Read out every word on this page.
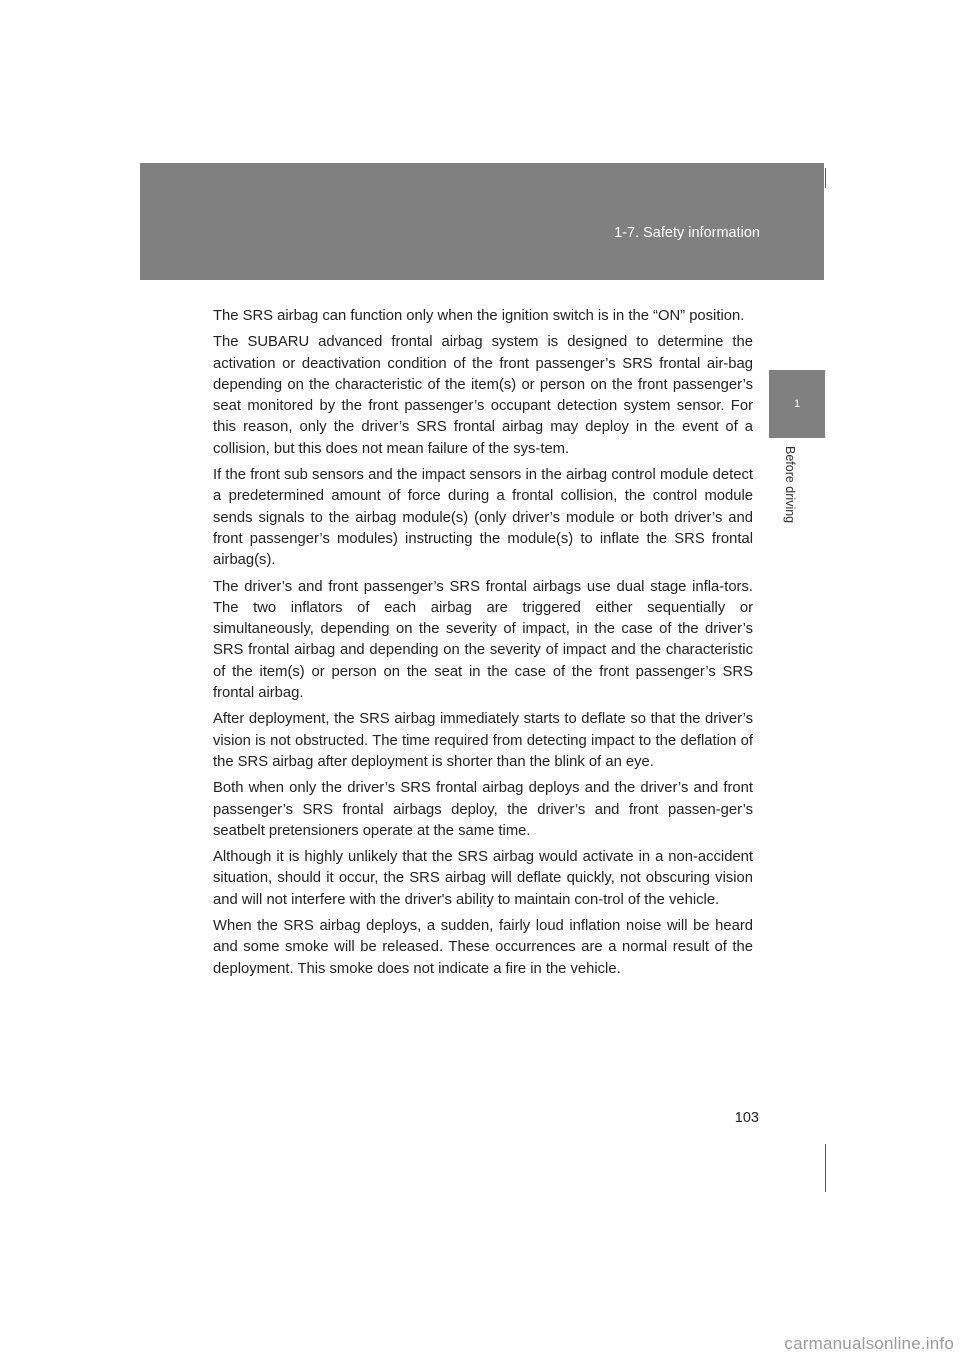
1-7. Safety information
1
Before driving

The SRS airbag can function only when the ignition switch is in the “ON” position.

The SUBARU advanced frontal airbag system is designed to determine the activation or deactivation condition of the front passenger’s SRS frontal air-bag depending on the characteristic of the item(s) or person on the front passenger’s seat monitored by the front passenger’s occupant detection system sensor. For this reason, only the driver’s SRS frontal airbag may deploy in the event of a collision, but this does not mean failure of the sys-tem.

If the front sub sensors and the impact sensors in the airbag control module detect a predetermined amount of force during a frontal collision, the control module sends signals to the airbag module(s) (only driver’s module or both driver’s and front passenger’s modules) instructing the module(s) to inflate the SRS frontal airbag(s).

The driver’s and front passenger’s SRS frontal airbags use dual stage infla-tors. The two inflators of each airbag are triggered either sequentially or simultaneously, depending on the severity of impact, in the case of the driver’s SRS frontal airbag and depending on the severity of impact and the characteristic of the item(s) or person on the seat in the case of the front passenger’s SRS frontal airbag.

After deployment, the SRS airbag immediately starts to deflate so that the driver’s vision is not obstructed. The time required from detecting impact to the deflation of the SRS airbag after deployment is shorter than the blink of an eye.

Both when only the driver’s SRS frontal airbag deploys and the driver’s and front passenger’s SRS frontal airbags deploy, the driver’s and front passen-ger’s seatbelt pretensioners operate at the same time.

Although it is highly unlikely that the SRS airbag would activate in a non-accident situation, should it occur, the SRS airbag will deflate quickly, not obscuring vision and will not interfere with the driver's ability to maintain con-trol of the vehicle.

When the SRS airbag deploys, a sudden, fairly loud inflation noise will be heard and some smoke will be released. These occurrences are a normal result of the deployment. This smoke does not indicate a fire in the vehicle.

103
carmanualsonline.info
